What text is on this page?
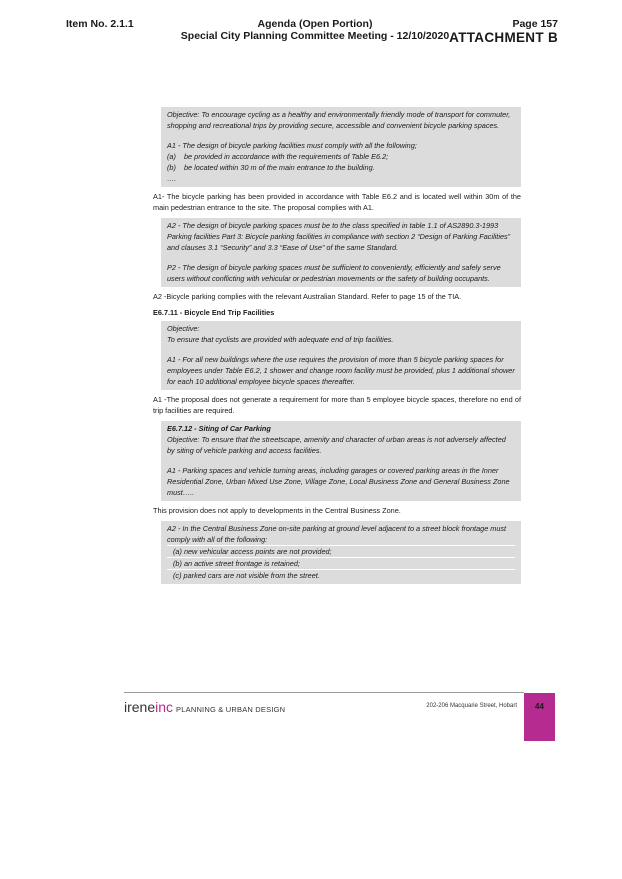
Item No. 2.1.1	Agenda (Open Portion)
Special City Planning Committee Meeting - 12/10/2020
Page 157
ATTACHMENT B

Objective: To encourage cycling as a healthy and environmentally friendly mode of transport for commuter, shopping and recreational trips by providing secure, accessible and convenient bicycle parking spaces.

A1 - The design of bicycle parking facilities must comply with all the following;

(a)	be provided in accordance with the requirements of Table E6.2;
(b)	be located within 30 m of the main entrance to the building.

….

A1- The bicycle parking has been provided in accordance with Table E6.2 and is located well within 30m of the main pedestrian entrance to the site. The proposal complies with A1.

A2 - The design of bicycle parking spaces must be to the class specified in table 1.1 of AS2890.3-1993 Parking facilities Part 3: Bicycle parking facilities in compliance with section 2 “Design of Parking Facilities” and clauses 3.1 “Security” and 3.3 “Ease of Use” of the same Standard.

P2 - The design of bicycle parking spaces must be sufficient to conveniently, efficiently and safely serve users without conflicting with vehicular or pedestrian movements or the safety of building occupants.

A2 -Bicycle parking complies with the relevant Australian Standard. Refer to page 15 of the TIA.

E6.7.11 - Bicycle End Trip Facilities

Objective:

To ensure that cyclists are provided with adequate end of trip facilities.

A1 - For all new buildings where the use requires the provision of more than 5 bicycle parking spaces for employees under Table E6.2, 1 shower and change room facility must be provided, plus 1 additional shower for each 10 additional employee bicycle spaces thereafter.

A1 -The proposal does not generate a requirement for more than 5 employee bicycle spaces, therefore no end of trip facilities are required.

E6.7.12 - Siting of Car Parking

Objective: To ensure that the streetscape, amenity and character of urban areas is not adversely affected by siting of vehicle parking and access facilities.

A1 - Parking spaces and vehicle turning areas, including garages or covered parking areas in the Inner Residential Zone, Urban Mixed Use Zone, Village Zone, Local Business Zone and General Business Zone must…..

This provision does not apply to developments in the Central Business Zone.

A2 - In the Central Business Zone on-site parking at ground level adjacent to a street block frontage must comply with all of the following:

(a) new vehicular access points are not provided;

(b) an active street frontage is retained;

(c) parked cars are not visible from the street.

ireneinc PLANNING & URBAN DESIGN	202-206 Macquarie Street, Hobart	44
